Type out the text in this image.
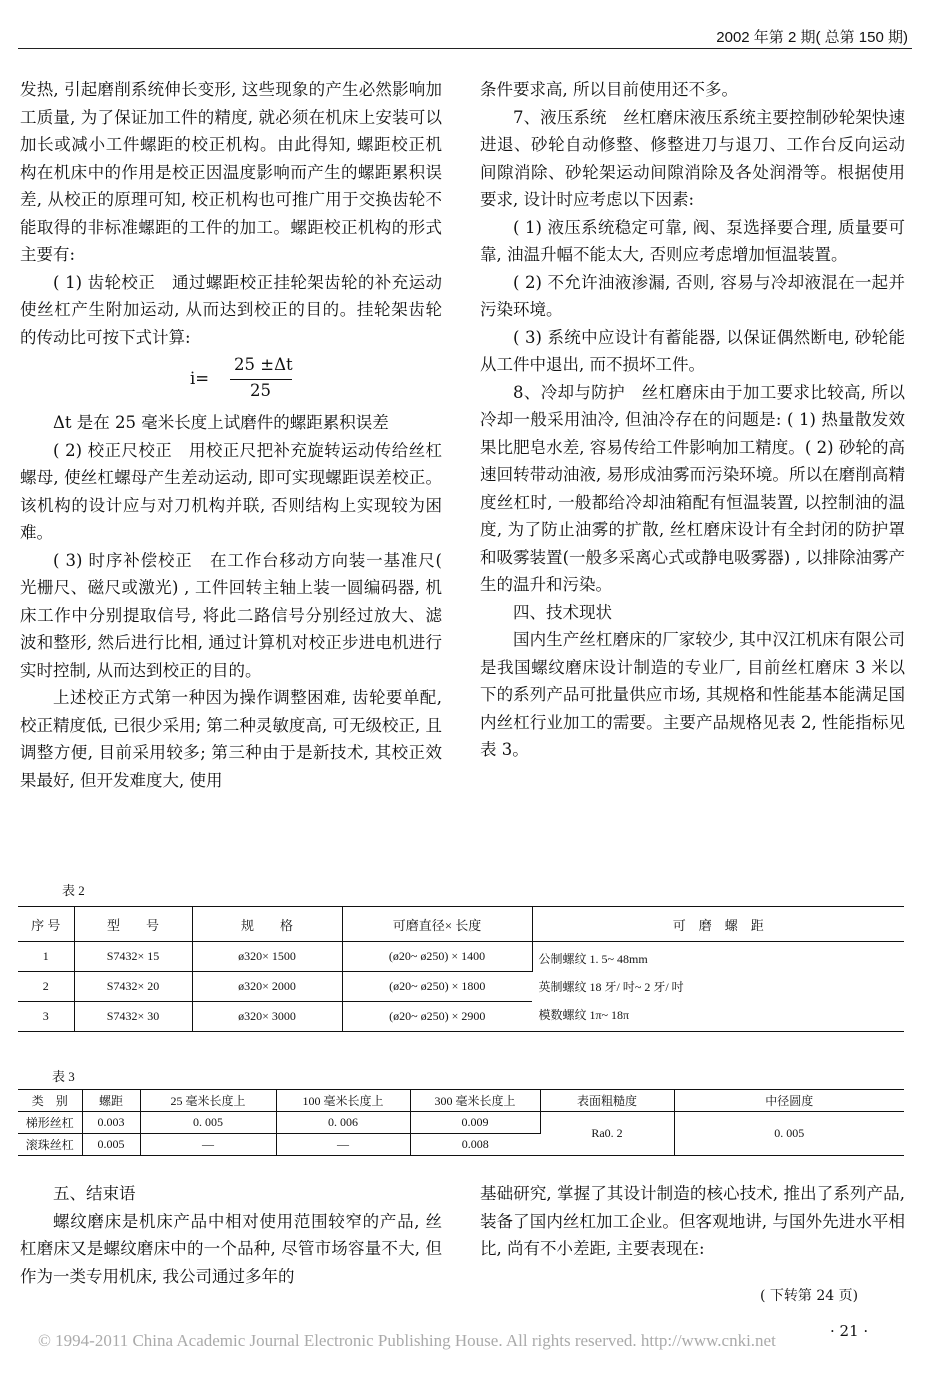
2002 年第 2 期( 总第 150 期)

发热, 引起磨削系统伸长变形, 这些现象的产生必然影响加工质量, 为了保证加工件的精度, 就必须在机床上安装可以加长或减小工件螺距的校正机构。由此得知, 螺距校正机构在机床中的作用是校正因温度影响而产生的螺距累积误差, 从校正的原理可知, 校正机构也可推广用于交换齿轮不能取得的非标准螺距的工件的加工。螺距校正机构的形式主要有:

( 1) 齿轮校正　通过螺距校正挂轮架齿轮的补充运动使丝杠产生附加运动, 从而达到校正的目的。挂轮架齿轮的传动比可按下式计算:

i=
25 ±Δt
25

Δt 是在 25 毫米长度上试磨件的螺距累积误差

( 2) 校正尺校正　用校正尺把补充旋转运动传给丝杠螺母, 使丝杠螺母产生差动运动, 即可实现螺距误差校正。该机构的设计应与对刀机构并联, 否则结构上实现较为困难。

( 3) 时序补偿校正　在工作台移动方向装一基准尺( 光栅尺、磁尺或激光) , 工件回转主轴上装一圆编码器, 机床工作中分别提取信号, 将此二路信号分别经过放大、滤波和整形, 然后进行比相, 通过计算机对校正步进电机进行实时控制, 从而达到校正的目的。

上述校正方式第一种因为操作调整困难, 齿轮要单配, 校正精度低, 已很少采用; 第二种灵敏度高, 可无级校正, 且调整方便, 目前采用较多; 第三种由于是新技术, 其校正效果最好, 但开发难度大, 使用

条件要求高, 所以目前使用还不多。

7、液压系统　丝杠磨床液压系统主要控制砂轮架快速进退、砂轮自动修整、修整进刀与退刀、工作台反向运动间隙消除、砂轮架运动间隙消除及各处润滑等。根据使用要求, 设计时应考虑以下因素:

( 1) 液压系统稳定可靠, 阀、泵选择要合理, 质量要可靠, 油温升幅不能太大, 否则应考虑增加恒温装置。

( 2) 不允许油液渗漏, 否则, 容易与冷却液混在一起并污染环境。

( 3) 系统中应设计有蓄能器, 以保证偶然断电, 砂轮能从工件中退出, 而不损坏工件。

8、冷却与防护　丝杠磨床由于加工要求比较高, 所以冷却一般采用油冷, 但油冷存在的问题是: ( 1) 热量散发效果比肥皂水差, 容易传给工件影响加工精度。( 2) 砂轮的高速回转带动油液, 易形成油雾而污染环境。所以在磨削高精度丝杠时, 一般都给冷却油箱配有恒温装置, 以控制油的温度, 为了防止油雾的扩散, 丝杠磨床设计有全封闭的防护罩和吸雾装置(一般多采离心式或静电吸雾器) , 以排除油雾产生的温升和污染。

四、技术现状

国内生产丝杠磨床的厂家较少, 其中汉江机床有限公司是我国螺纹磨床设计制造的专业厂, 目前丝杠磨床 3 米以下的系列产品可批量供应市场, 其规格和性能基本能满足国内丝杠行业加工的需要。主要产品规格见表 2, 性能指标见表 3。

表 2
序 号	型　　号	规　　格	可磨直径× 长度	可　磨　螺　距
1	S7432× 15	ø320× 1500	(ø20~ ø250) × 1400	公制螺纹 1. 5~ 48mm
英制螺纹 18 牙/ 吋~ 2 牙/ 吋
模数螺纹 1π~ 18π

2	S7432× 20	ø320× 2000	(ø20~ ø250) × 1800	
3	S7432× 30	ø320× 3000	(ø20~ ø250) × 2900	
表 3
类　别	螺距	25 毫米长度上	100 毫米长度上	300 毫米长度上	表面粗糙度	中径圆度
梯形丝杠	0.003	0. 005	0. 006	0.009	Ra0. 2	0. 005
滚珠丝杠	0.005	—	—	0.008		

五、结束语

螺纹磨床是机床产品中相对使用范围较窄的产品, 丝杠磨床又是螺纹磨床中的一个品种, 尽管市场容量不大, 但作为一类专用机床, 我公司通过多年的

基础研究, 掌握了其设计制造的核心技术, 推出了系列产品, 装备了国内丝杠加工企业。但客观地讲, 与国外先进水平相比, 尚有不小差距, 主要表现在:

( 下转第 24 页)
© 1994-2011 China Academic Journal Electronic Publishing House. All rights reserved. http://www.cnki.net	· 21 ·
